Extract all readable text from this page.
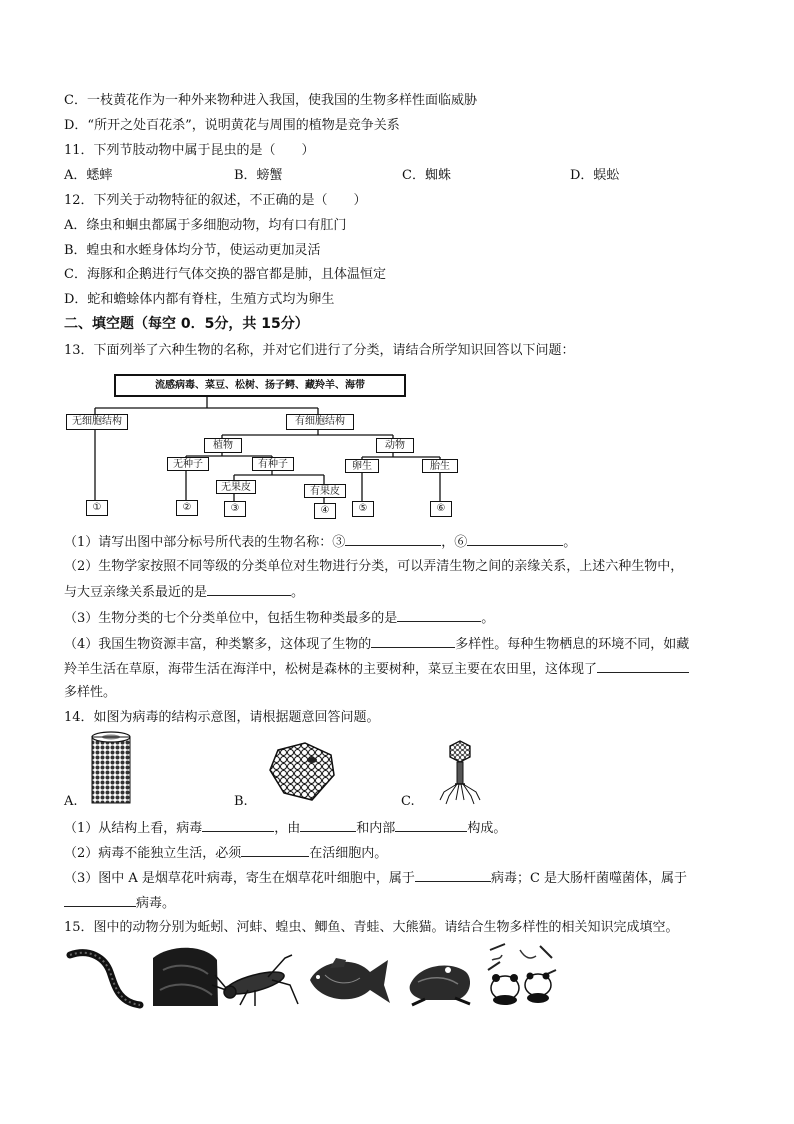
C．一枝黄花作为一种外来物种进入我国，使我国的生物多样性面临威胁
D．“所开之处百花杀”，说明黄花与周围的植物是竞争关系
11．下列节肢动物中属于昆虫的是（　　）
A．蟋蟀	B．螃蟹	C．蜘蛛	D．蜈蚣
12．下列关于动物特征的叙述，不正确的是（　　）
A．绦虫和蛔虫都属于多细胞动物，均有口有肛门
B．蝗虫和水蛭身体均分节，使运动更加灵活
C．海豚和企鹅进行气体交换的器官都是肺，且体温恒定
D．蛇和蟾蜍体内都有脊柱，生殖方式均为卵生
二、填空题（每空 0．5分，共 15分）
13．下面列举了六种生物的名称，并对它们进行了分类，请结合所学知识回答以下问题：
流感病毒、菜豆、松树、扬子鳄、藏羚羊、海带
无细胞结构	有细胞结构
植物	动物
无种子	有种子
无果皮	有果皮
卵生	胎生
①	②	③	④	⑤	⑥
（1）请写出图中部分标号所代表的生物名称：③	，⑥	。
（2）生物学家按照不同等级的分类单位对生物进行分类，可以弄清生物之间的亲缘关系，上述六种生物中，
与大豆亲缘关系最近的是	。
（3）生物分类的七个分类单位中，包括生物种类最多的是	。
（4）我国生物资源丰富，种类繁多，这体现了生物的	多样性。每种生物栖息的环境不同，如藏
羚羊生活在草原，海带生活在海洋中，松树是森林的主要树种，菜豆主要在农田里，这体现了
多样性。
14．如图为病毒的结构示意图，请根据题意回答问题。
A.	B.	C.
（1）从结构上看，病毒	，由	和内部	构成。
（2）病毒不能独立生活，必须	在活细胞内。
（3）图中 A 是烟草花叶病毒，寄生在烟草花叶细胞中，属于	病毒；C 是大肠杆菌噬菌体，属于
病毒。
15．图中的动物分别为蚯蚓、河蚌、蝗虫、鲫鱼、青蛙、大熊猫。请结合生物多样性的相关知识完成填空。
